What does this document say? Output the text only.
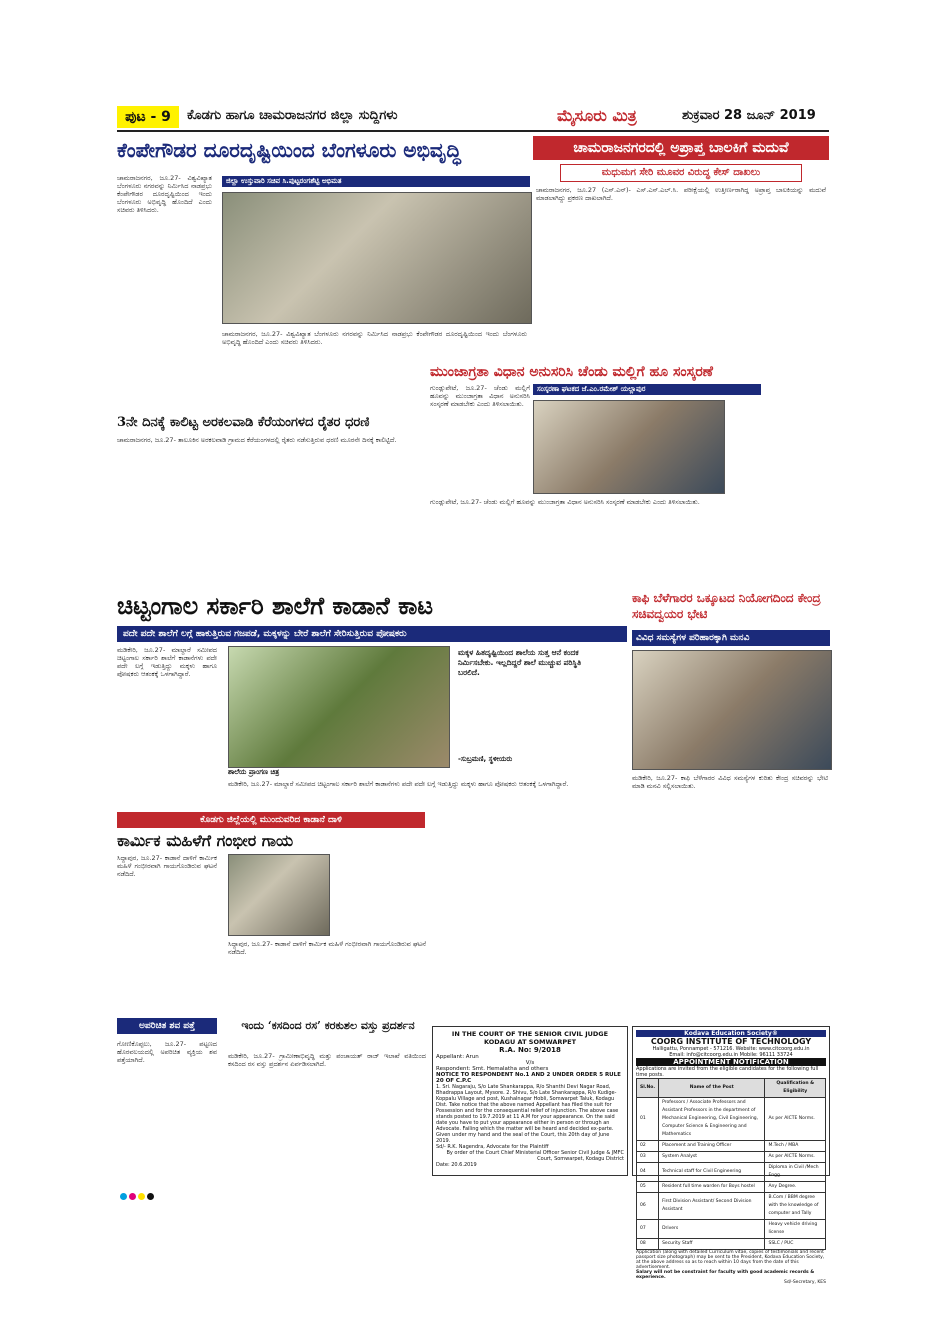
ಪುಟ - 9	ಕೊಡಗು ಹಾಗೂ ಚಾಮರಾಜನಗರ ಜಿಲ್ಲಾ ಸುದ್ದಿಗಳು	ಮೈಸೂರು ಮಿತ್ರ	ಶುಕ್ರವಾರ 28 ಜೂನ್ 2019
ಕೆಂಪೇಗೌಡರ ದೂರದೃಷ್ಟಿಯಿಂದ ಬೆಂಗಳೂರು ಅಭಿವೃದ್ಧಿ
ಚಾಮರಾಜನಗರ, ಜೂ.27- ವಿಶ್ವವಿಖ್ಯಾತ ಬೆಂಗಳೂರು ನಗರವನ್ನು ನಿರ್ಮಿಸಿದ ನಾಡಪ್ರಭು ಕೆಂಪೇಗೌಡರ ದೂರದೃಷ್ಟಿಯಿಂದ ಇಂದು ಬೆಂಗಳೂರು ಅಭಿವೃದ್ಧಿ ಹೊಂದಿದೆ ಎಂದು ಸಚಿವರು ತಿಳಿಸಿದರು.
ಜಿಲ್ಲಾ ಉಸ್ತುವಾರಿ ಸಚಿವ ಸಿ.ಪುಟ್ಟರಂಗಶೆಟ್ಟಿ ಅಭಿಮತ
ಚಾಮರಾಜನಗರ, ಜೂ.27- ವಿಶ್ವವಿಖ್ಯಾತ ಬೆಂಗಳೂರು ನಗರವನ್ನು ನಿರ್ಮಿಸಿದ ನಾಡಪ್ರಭು ಕೆಂಪೇಗೌಡರ ದೂರದೃಷ್ಟಿಯಿಂದ ಇಂದು ಬೆಂಗಳೂರು ಅಭಿವೃದ್ಧಿ ಹೊಂದಿದೆ ಎಂದು ಸಚಿವರು ತಿಳಿಸಿದರು.
ಚಾಮರಾಜನಗರದಲ್ಲಿ ಅಪ್ರಾಪ್ತ ಬಾಲಕಿಗೆ ಮದುವೆ
ಮಧುಮಗ ಸೇರಿ ಮೂವರ ವಿರುದ್ಧ ಕೇಸ್ ದಾಖಲು
ಚಾಮರಾಜನಗರ, ಜೂ.27 (ಎಸ್.ಎನ್)- ಎಸ್.ಎಸ್.ಎಲ್.ಸಿ. ಪರೀಕ್ಷೆಯಲ್ಲಿ ಉತ್ತೀರ್ಣರಾಗಿದ್ದ ಅಪ್ರಾಪ್ತ ಬಾಲಕಿಯನ್ನು ಮದುವೆ ಮಾಡಲಾಗಿದ್ದು ಪ್ರಕರಣ ದಾಖಲಾಗಿದೆ.
ಮುಂಜಾಗ್ರತಾ ವಿಧಾನ ಅನುಸರಿಸಿ ಚೆಂಡು ಮಲ್ಲಿಗೆ ಹೂ ಸಂಸ್ಕರಣೆ
ಸಂಸ್ಕರಣಾ ಘಟಕದ ಜೆ.ಎಂ.ರಮೇಶ್ ಯಲ್ಲಾಪುರ
ಗುಂಡ್ಲುಪೇಟೆ, ಜೂ.27- ಚೆಂಡು ಮಲ್ಲಿಗೆ ಹೂವನ್ನು ಮುಂಜಾಗ್ರತಾ ವಿಧಾನ ಅನುಸರಿಸಿ ಸಂಸ್ಕರಣೆ ಮಾಡಬೇಕು ಎಂದು ತಿಳಿಸಲಾಯಿತು.
ಗುಂಡ್ಲುಪೇಟೆ, ಜೂ.27- ಚೆಂಡು ಮಲ್ಲಿಗೆ ಹೂವನ್ನು ಮುಂಜಾಗ್ರತಾ ವಿಧಾನ ಅನುಸರಿಸಿ ಸಂಸ್ಕರಣೆ ಮಾಡಬೇಕು ಎಂದು ತಿಳಿಸಲಾಯಿತು.
3ನೇ ದಿನಕ್ಕೆ ಕಾಲಿಟ್ಟ ಅರಕಲವಾಡಿ ಕೆರೆಯಂಗಳದ ರೈತರ ಧರಣಿ
ಚಾಮರಾಜನಗರ, ಜೂ.27- ತಾಲೂಕಿನ ಅರಕಲವಾಡಿ ಗ್ರಾಮದ ಕೆರೆಯಂಗಳದಲ್ಲಿ ರೈತರು ನಡೆಸುತ್ತಿರುವ ಧರಣಿ ಮೂರನೇ ದಿನಕ್ಕೆ ಕಾಲಿಟ್ಟಿದೆ.
ಚಿಟ್ಟಂಗಾಲ ಸರ್ಕಾರಿ ಶಾಲೆಗೆ ಕಾಡಾನೆ ಕಾಟ
ಪದೇ ಪದೇ ಶಾಲೆಗೆ ಲಗ್ಗೆ ಹಾಕುತ್ತಿರುವ ಗಜಪಡೆ, ಮಕ್ಕಳನ್ನು ಬೇರೆ ಶಾಲೆಗೆ ಸೇರಿಸುತ್ತಿರುವ ಪೋಷಕರು
ಮಡಿಕೇರಿ, ಜೂ.27- ಮಾಲ್ದಾರೆ ಸಮೀಪದ ಚಿಟ್ಟಂಗಾಲ ಸರ್ಕಾರಿ ಶಾಲೆಗೆ ಕಾಡಾನೆಗಳು ಪದೇ ಪದೇ ಲಗ್ಗೆ ಇಡುತ್ತಿದ್ದು ಮಕ್ಕಳು ಹಾಗೂ ಪೋಷಕರು ಆತಂಕಕ್ಕೆ ಒಳಗಾಗಿದ್ದಾರೆ.
ಶಾಲೆಯ ಪ್ರಾಂಗಣ ಚಿತ್ರ
ಮಕ್ಕಳ ಹಿತದೃಷ್ಟಿಯಿಂದ ಶಾಲೆಯ ಸುತ್ತ ಆನೆ ಕಂದಕ ನಿರ್ಮಿಸಬೇಕು. ಇಲ್ಲದಿದ್ದರೆ ಶಾಲೆ ಮುಚ್ಚುವ ಪರಿಸ್ಥಿತಿ ಬರಲಿದೆ.
-ಸುಬ್ರಮಣಿ, ಸ್ಥಳೀಯರು
ಮಡಿಕೇರಿ, ಜೂ.27- ಮಾಲ್ದಾರೆ ಸಮೀಪದ ಚಿಟ್ಟಂಗಾಲ ಸರ್ಕಾರಿ ಶಾಲೆಗೆ ಕಾಡಾನೆಗಳು ಪದೇ ಪದೇ ಲಗ್ಗೆ ಇಡುತ್ತಿದ್ದು ಮಕ್ಕಳು ಹಾಗೂ ಪೋಷಕರು ಆತಂಕಕ್ಕೆ ಒಳಗಾಗಿದ್ದಾರೆ.
ಕಾಫಿ ಬೆಳೆಗಾರರ ಒಕ್ಕೂಟದ ನಿಯೋಗದಿಂದ ಕೇಂದ್ರ ಸಚಿವದ್ವಯರ ಭೇಟಿ
ವಿವಿಧ ಸಮಸ್ಯೆಗಳ ಪರಿಹಾರಕ್ಕಾಗಿ ಮನವಿ
ಮಡಿಕೇರಿ, ಜೂ.27- ಕಾಫಿ ಬೆಳೆಗಾರರ ವಿವಿಧ ಸಮಸ್ಯೆಗಳ ಕುರಿತು ಕೇಂದ್ರ ಸಚಿವರನ್ನು ಭೇಟಿ ಮಾಡಿ ಮನವಿ ಸಲ್ಲಿಸಲಾಯಿತು.
ಕೊಡಗು ಜಿಲ್ಲೆಯಲ್ಲಿ ಮುಂದುವರಿದ ಕಾಡಾನೆ ದಾಳಿ
ಕಾರ್ಮಿಕ ಮಹಿಳೆಗೆ ಗಂಭೀರ ಗಾಯ
ಸಿದ್ದಾಪುರ, ಜೂ.27- ಕಾಡಾನೆ ದಾಳಿಗೆ ಕಾರ್ಮಿಕ ಮಹಿಳೆ ಗಂಭೀರವಾಗಿ ಗಾಯಗೊಂಡಿರುವ ಘಟನೆ ನಡೆದಿದೆ.
ಸಿದ್ದಾಪುರ, ಜೂ.27- ಕಾಡಾನೆ ದಾಳಿಗೆ ಕಾರ್ಮಿಕ ಮಹಿಳೆ ಗಂಭೀರವಾಗಿ ಗಾಯಗೊಂಡಿರುವ ಘಟನೆ ನಡೆದಿದೆ.
ಅಪರಿಚಿತ ಶವ ಪತ್ತೆ
ಗೋಣಿಕೊಪ್ಪಲು, ಜೂ.27- ಪಟ್ಟಣದ ಹೊರವಲಯದಲ್ಲಿ ಅಪರಿಚಿತ ವ್ಯಕ್ತಿಯ ಶವ ಪತ್ತೆಯಾಗಿದೆ.
ಇಂದು ‘ಕಸದಿಂದ ರಸ’ ಕರಕುಶಲ ವಸ್ತು ಪ್ರದರ್ಶನ
ಮಡಿಕೇರಿ, ಜೂ.27- ಗ್ರಾಮೀಣಾಭಿವೃದ್ಧಿ ಮತ್ತು ಪಂಚಾಯತ್ ರಾಜ್ ಇಲಾಖೆ ವತಿಯಿಂದ ಕಸದಿಂದ ರಸ ವಸ್ತು ಪ್ರದರ್ಶನ ಏರ್ಪಡಿಸಲಾಗಿದೆ.
IN THE COURT OF THE SENIOR CIVIL JUDGE KODAGU AT SOMWARPET
R.A. No: 9/2018
Appellant: Arun
V/s
Respondent: Smt. Hemalatha and others
NOTICE TO RESPONDENT No.1 AND 2 UNDER ORDER 5 RULE 20 OF C.P.C
1. Sri. Nagaraju, S/o Late Shankarappa, R/o Shanthi Devi Nagar Road, Bhadrappa Layout, Mysore. 2. Shivu, S/o Late Shankarappa, R/o Kudige-Koppalu Village and post, Kushalnagar Hobli, Somwarpet Taluk, Kodagu Dist. Take notice that the above named Appellant has filed the suit for Possession and for the consequential relief of injunction. The above case stands posted to 19.7.2019 at 11 A.M for your appearance. On the said date you have to put your appearance either in person or through an Advocate. Failing which the matter will be heard and decided ex-parte. Given under my hand and the seal of the Court, this 20th day of June 2019.
Sd/- R.K. Nagendra, Advocate for the Plaintiff
By order of the Court Chief Ministerial Officer Senior Civil Judge & JMFC Court, Somwarpet, Kodagu District
Date: 20.6.2019
Kodava Education Society®
COORG INSTITUTE OF TECHNOLOGY
Halligattu, Ponnampet - 571216. Website: www.citcoorg.edu.in
Email: info@citcoorg.edu.in Mobile: 96111 33724
APPOINTMENT NOTIFICATION
Applications are invited from the eligible candidates for the following full time posts.
Sl.No.	Name of the Post	Qualification & Eligibility
01	Professors / Associate Professors and Assistant Professors in the department of Mechanical Engineering, Civil Engineering, Computer Science & Engineering and Mathematics	As per AICTE Norms.
02	Placement and Training Officer	M.Tech / MBA
03	System Analyst	As per AICTE Norms.
04	Technical staff for Civil Engineering	Diploma in Civil /Mech Engg.
05	Resident full time warden for Boys hostel	Any Degree.
06	First Division Assistant/ Second Division Assistant	B.Com / BBM degree with the knowledge of computer and Tally
07	Drivers	Heavy vehicle driving license
08	Security Staff	SSLC / PUC
Application (along with detailed Curriculum vitae, copies of testimonials and recent passport size photograph) may be sent to the President, Kodava Education Society, at the above address so as to reach within 10 days from the date of this advertisement.
Salary will not be constraint for faculty with good academic records & experience.
Sd/-Secretary, KES
